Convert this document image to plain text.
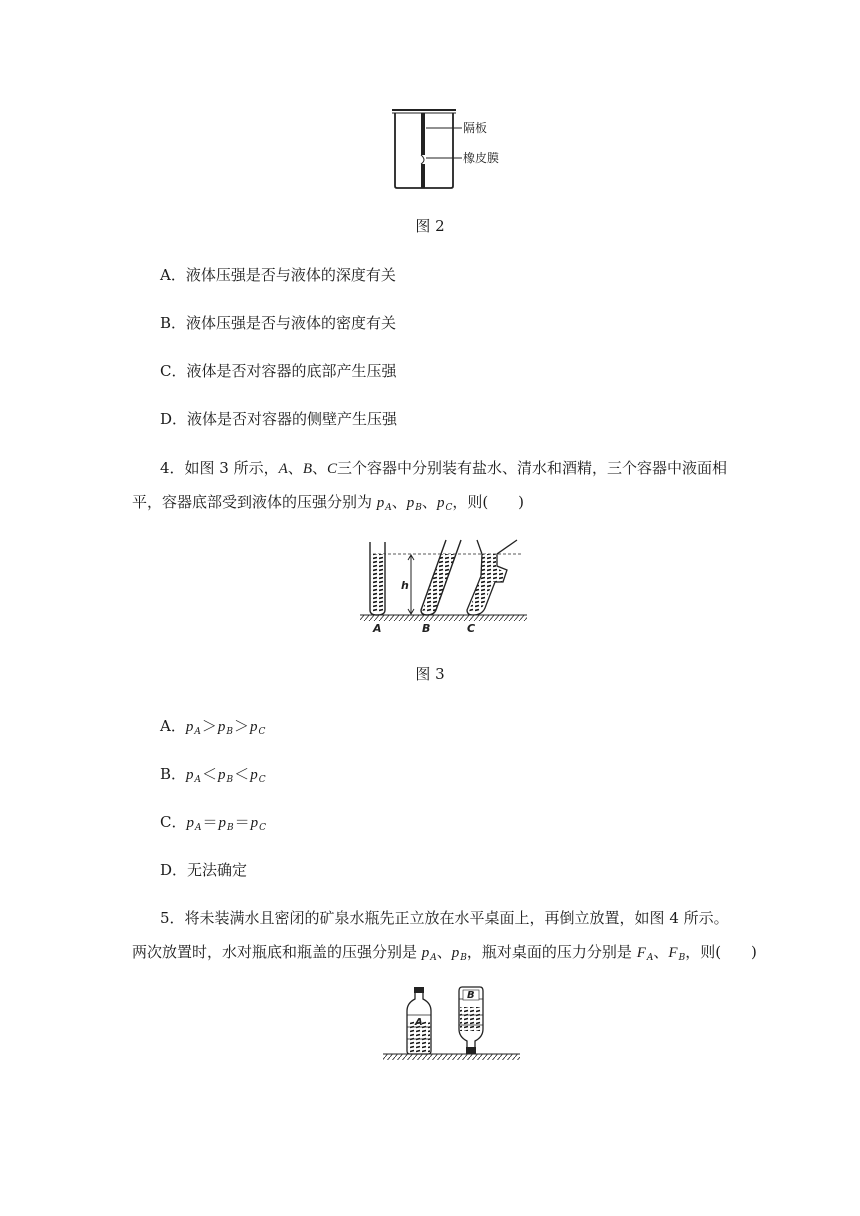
隔板
橡皮膜
图 2
A．液体压强是否与液体的深度有关
B．液体压强是否与液体的密度有关
C．液体是否对容器的底部产生压强
D．液体是否对容器的侧壁产生压强
4．如图 3 所示，A、B、C三个容器中分别装有盐水、清水和酒精，三个容器中液面相
平，容器底部受到液体的压强分别为 $p_A$、$p_B$、$p_C$，则(　　)
h
A	B	C
图 3
A．$p_A>p_B>p_C$
B．$p_A<p_B<p_C$
C．$p_A=p_B=p_C$
D．无法确定
5．将未装满水且密闭的矿泉水瓶先正立放在水平桌面上，再倒立放置，如图 4 所示。
两次放置时，水对瓶底和瓶盖的压强分别是 $p_A$、$p_B$，瓶对桌面的压力分别是 $F_A$、$F_B$，则(　　)
A
B
